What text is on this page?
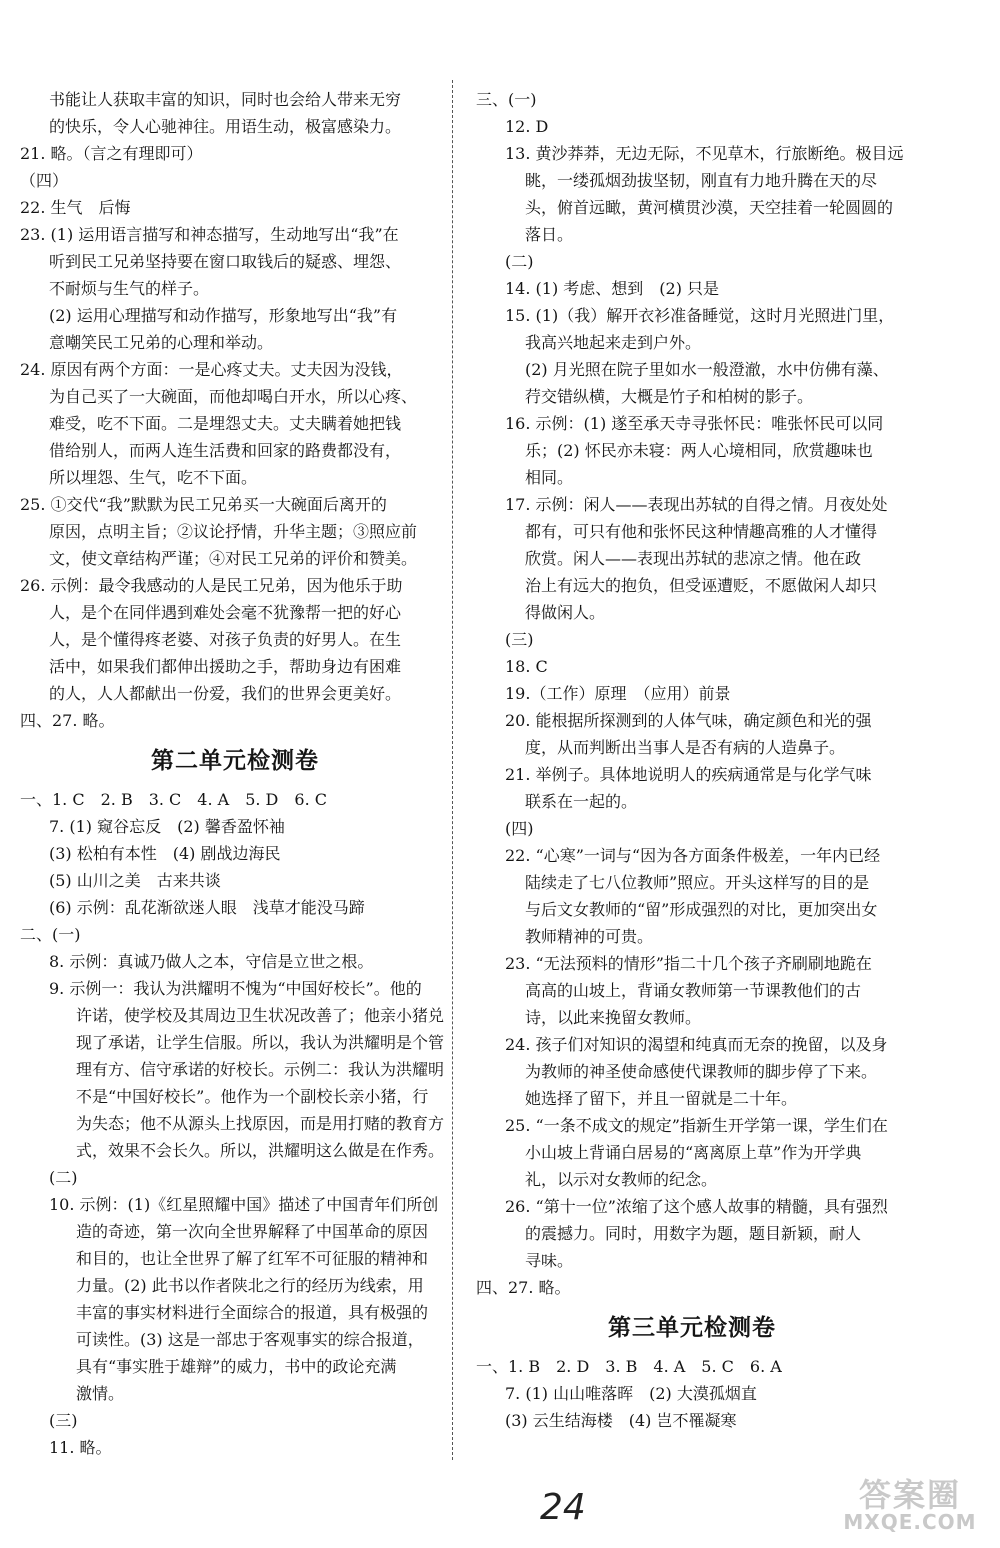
书能让人获取丰富的知识，同时也会给人带来无穷
的快乐，令人心驰神往。用语生动，极富感染力。
21. 略。（言之有理即可）
（四）
22. 生气　后悔
23. (1) 运用语言描写和神态描写，生动地写出“我”在
听到民工兄弟坚持要在窗口取钱后的疑惑、埋怨、
不耐烦与生气的样子。
(2) 运用心理描写和动作描写，形象地写出“我”有
意嘲笑民工兄弟的心理和举动。
24. 原因有两个方面：一是心疼丈夫。丈夫因为没钱，
为自己买了一大碗面，而他却喝白开水，所以心疼、
难受，吃不下面。二是埋怨丈夫。丈夫瞒着她把钱
借给别人，而两人连生活费和回家的路费都没有，
所以埋怨、生气，吃不下面。
25. ①交代“我”默默为民工兄弟买一大碗面后离开的
原因，点明主旨；②议论抒情，升华主题；③照应前
文，使文章结构严谨；④对民工兄弟的评价和赞美。
26. 示例：最令我感动的人是民工兄弟，因为他乐于助
人，是个在同伴遇到难处会毫不犹豫帮一把的好心
人，是个懂得疼老婆、对孩子负责的好男人。在生
活中，如果我们都伸出援助之手，帮助身边有困难
的人，人人都献出一份爱，我们的世界会更美好。
四、27. 略。
第二单元检测卷
一、1. C　2. B　3. C　4. A　5. D　6. C
7. (1) 窥谷忘反　(2) 馨香盈怀袖
(3) 松柏有本性　(4) 剧战边海民
(5) 山川之美　古来共谈
(6) 示例：乱花渐欲迷人眼　浅草才能没马蹄
二、(一)
8. 示例：真诚乃做人之本，守信是立世之根。
9. 示例一：我认为洪耀明不愧为“中国好校长”。他的
许诺，使学校及其周边卫生状况改善了；他亲小猪兑
现了承诺，让学生信服。所以，我认为洪耀明是个管
理有方、信守承诺的好校长。示例二：我认为洪耀明
不是“中国好校长”。他作为一个副校长亲小猪，行
为失态；他不从源头上找原因，而是用打赌的教育方
式，效果不会长久。所以，洪耀明这么做是在作秀。
(二)
10. 示例：(1)《红星照耀中国》描述了中国青年们所创
造的奇迹，第一次向全世界解释了中国革命的原因
和目的，也让全世界了解了红军不可征服的精神和
力量。(2) 此书以作者陕北之行的经历为线索，用
丰富的事实材料进行全面综合的报道，具有极强的
可读性。(3) 这是一部忠于客观事实的综合报道，
具有“事实胜于雄辩”的威力，书中的政论充满
激情。
(三)
11. 略。
三、(一)
12. D
13. 黄沙莽莽，无边无际，不见草木，行旅断绝。极目远
眺，一缕孤烟劲拔坚韧，刚直有力地升腾在天的尽
头，俯首远瞰，黄河横贯沙漠，天空挂着一轮圆圆的
落日。
(二)
14. (1) 考虑、想到　(2) 只是
15. (1)（我）解开衣衫准备睡觉，这时月光照进门里，
我高兴地起来走到户外。
(2) 月光照在院子里如水一般澄澈，水中仿佛有藻、
荇交错纵横，大概是竹子和柏树的影子。
16. 示例：(1) 遂至承天寺寻张怀民：唯张怀民可以同
乐；(2) 怀民亦未寝：两人心境相同，欣赏趣味也
相同。
17. 示例：闲人——表现出苏轼的自得之情。月夜处处
都有，可只有他和张怀民这种情趣高雅的人才懂得
欣赏。闲人——表现出苏轼的悲凉之情。他在政
治上有远大的抱负，但受诬遭贬，不愿做闲人却只
得做闲人。
(三)
18. C
19.（工作）原理　（应用）前景
20. 能根据所探测到的人体气味，确定颜色和光的强
度，从而判断出当事人是否有病的人造鼻子。
21. 举例子。具体地说明人的疾病通常是与化学气味
联系在一起的。
(四)
22. “心寒”一词与“因为各方面条件极差，一年内已经
陆续走了七八位教师”照应。开头这样写的目的是
与后文女教师的“留”形成强烈的对比，更加突出女
教师精神的可贵。
23. “无法预料的情形”指二十几个孩子齐刷刷地跪在
高高的山坡上，背诵女教师第一节课教他们的古
诗，以此来挽留女教师。
24. 孩子们对知识的渴望和纯真而无奈的挽留，以及身
为教师的神圣使命感使代课教师的脚步停了下来。
她选择了留下，并且一留就是二十年。
25. “一条不成文的规定”指新生开学第一课，学生们在
小山坡上背诵白居易的“离离原上草”作为开学典
礼，以示对女教师的纪念。
26. “第十一位”浓缩了这个感人故事的精髓，具有强烈
的震撼力。同时，用数字为题，题目新颖，耐人
寻味。
四、27. 略。
第三单元检测卷
一、1. B　2. D　3. B　4. A　5. C　6. A
7. (1) 山山唯落晖　(2) 大漠孤烟直
(3) 云生结海楼　(4) 岂不罹凝寒
24	答案圈
MXQE.COM
